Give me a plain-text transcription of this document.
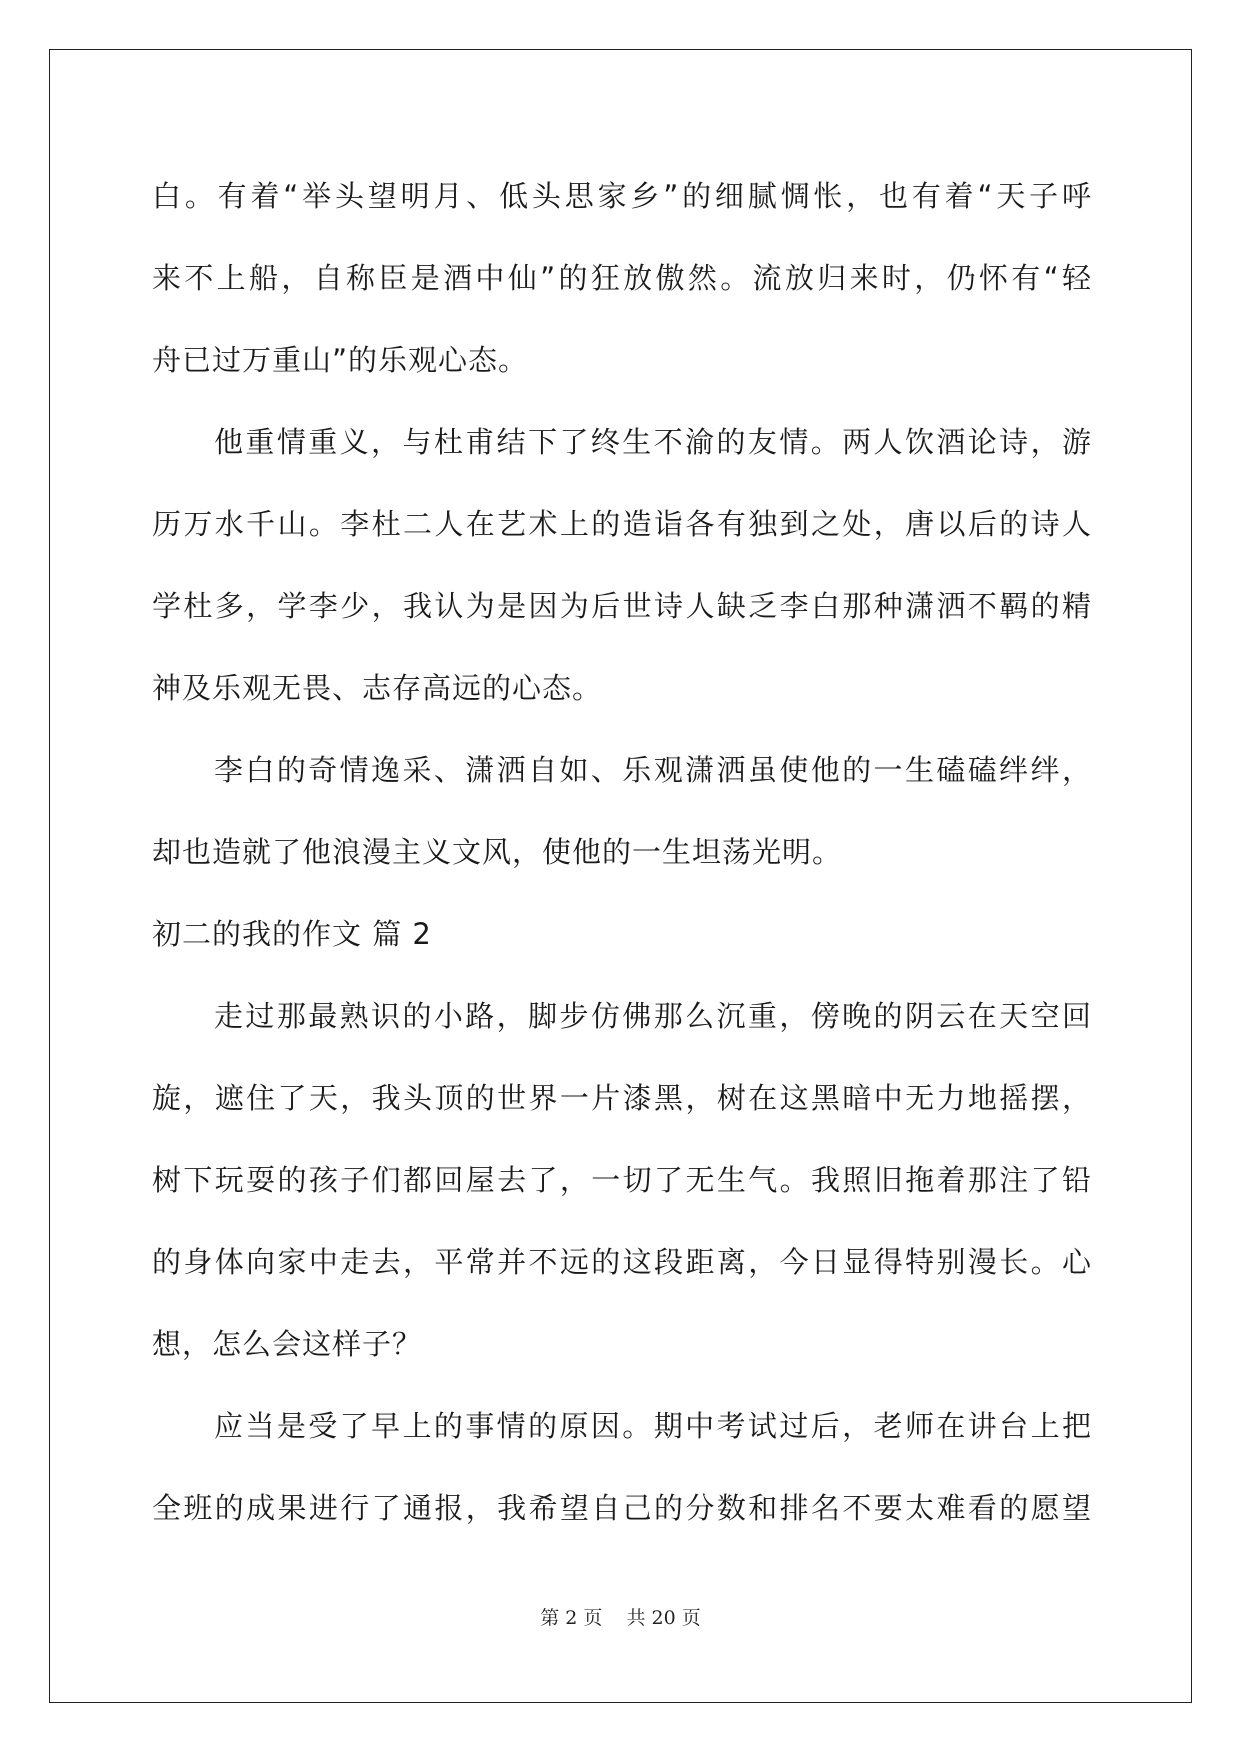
白。有着“举头望明月、低头思家乡”的细腻惆怅，也有着“天子呼
来不上船，自称臣是酒中仙”的狂放傲然。流放归来时，仍怀有“轻
舟已过万重山”的乐观心态。
他重情重义，与杜甫结下了终生不渝的友情。两人饮酒论诗，游
历万水千山。李杜二人在艺术上的造诣各有独到之处，唐以后的诗人
学杜多，学李少，我认为是因为后世诗人缺乏李白那种潇洒不羁的精
神及乐观无畏、志存高远的心态。
李白的奇情逸采、潇洒自如、乐观潇洒虽使他的一生磕磕绊绊，
却也造就了他浪漫主义文风，使他的一生坦荡光明。
初二的我的作文 篇 2
走过那最熟识的小路，脚步仿佛那么沉重，傍晚的阴云在天空回
旋，遮住了天，我头顶的世界一片漆黑，树在这黑暗中无力地摇摆，
树下玩耍的孩子们都回屋去了，一切了无生气。我照旧拖着那注了铅
的身体向家中走去，平常并不远的这段距离，今日显得特别漫长。心
想，怎么会这样子？
应当是受了早上的事情的原因。期中考试过后，老师在讲台上把
全班的成果进行了通报，我希望自己的分数和排名不要太难看的愿望
第 2 页 共 20 页
